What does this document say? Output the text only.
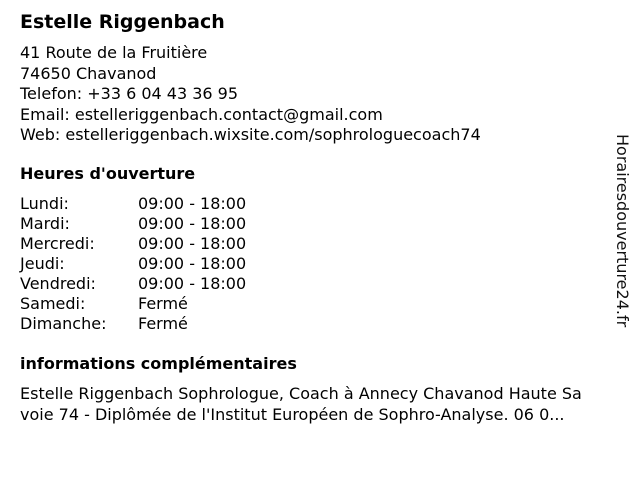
Estelle Riggenbach
41 Route de la Fruitière
74650 Chavanod
Telefon: +33 6 04 43 36 95
Email: estelleriggenbach.contact@gmail.com
Web: estelleriggenbach.wixsite.com/sophrologuecoach74
Heures d'ouverture
Lundi:	09:00 - 18:00
Mardi:	09:00 - 18:00
Mercredi:	09:00 - 18:00
Jeudi:	09:00 - 18:00
Vendredi:	09:00 - 18:00
Samedi:	Fermé
Dimanche: Fermé
informations complémentaires
Estelle Riggenbach Sophrologue, Coach à Annecy Chavanod Haute Sa
voie 74 - Diplômée de l'Institut Européen de Sophro-Analyse. 06 0...
Horairesdouverture24.fr
